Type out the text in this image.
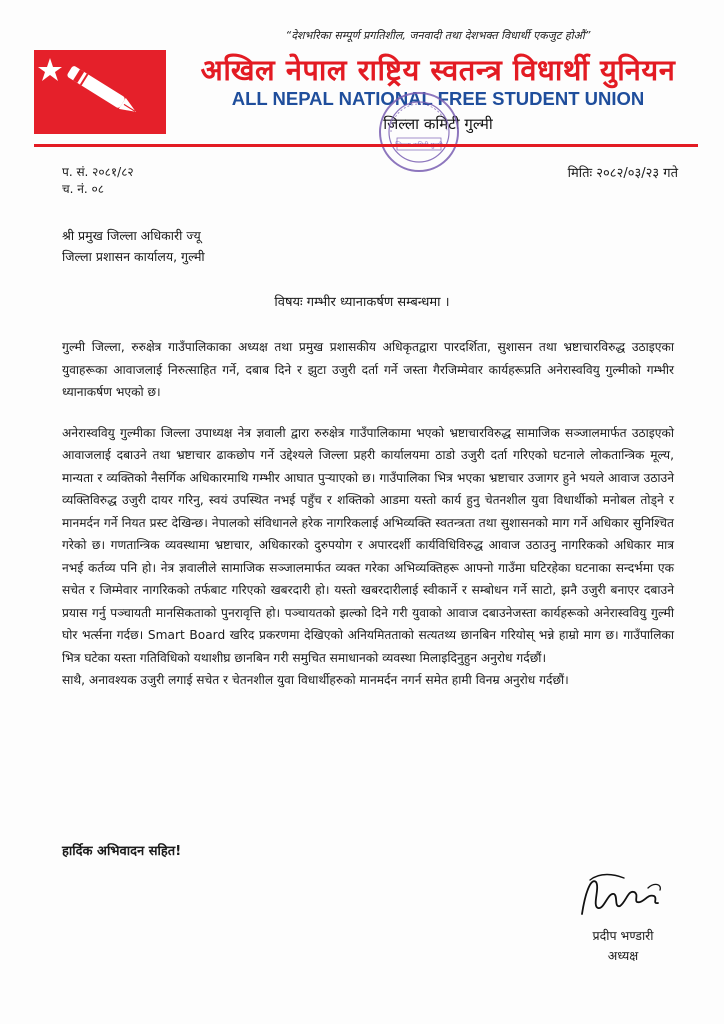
“देशभरिका सम्पूर्ण प्रगतिशील, जनवादी तथा देशभक्त विधार्थी एकजुट होऔं”
अखिल नेपाल राष्ट्रिय स्वतन्त्र विधार्थी युनियन
ALL NEPAL NATIONAL FREE STUDENT UNION
जिल्ला कमिटी गुल्मी
प. सं. २०८१/८२
च. नं. ०८
मितिः २०८२/०३/२३ गते
श्री प्रमुख जिल्ला अधिकारी ज्यू
जिल्ला प्रशासन कार्यालय, गुल्मी
विषयः गम्भीर ध्यानाकर्षण सम्बन्धमा ।

गुल्मी जिल्ला, रुरुक्षेत्र गाउँपालिकाका अध्यक्ष तथा प्रमुख प्रशासकीय अधिकृतद्वारा पारदर्शिता, सुशासन तथा भ्रष्टाचारविरुद्ध उठाइएका युवाहरूका आवाजलाई निरुत्साहित गर्ने, दबाब दिने र झुटा उजुरी दर्ता गर्ने जस्ता गैरजिम्मेवार कार्यहरूप्रति अनेरास्ववियु गुल्मीको गम्भीर ध्यानाकर्षण भएको छ।

अनेरास्ववियु गुल्मीका जिल्ला उपाध्यक्ष नेत्र ज्ञवाली द्वारा रुरुक्षेत्र गाउँपालिकामा भएको भ्रष्टाचारविरुद्ध सामाजिक सञ्जालमार्फत उठाइएको आवाजलाई दबाउने तथा भ्रष्टाचार ढाकछोप गर्ने उद्देश्यले जिल्ला प्रहरी कार्यालयमा ठाडो उजुरी दर्ता गरिएको घटनाले लोकतान्त्रिक मूल्य, मान्यता र व्यक्तिको नैसर्गिक अधिकारमाथि गम्भीर आघात पुर्‍याएको छ। गाउँपालिका भित्र भएका भ्रष्टाचार उजागर हुने भयले आवाज उठाउने व्यक्तिविरुद्ध उजुरी दायर गरिनु, स्वयं उपस्थित नभई पहुँच र शक्तिको आडमा यस्तो कार्य हुनु चेतनशील युवा विधार्थीको मनोबल तोड्ने र मानमर्दन गर्ने नियत प्रस्ट देखिन्छ। नेपालको संविधानले हरेक नागरिकलाई अभिव्यक्ति स्वतन्त्रता तथा सुशासनको माग गर्ने अधिकार सुनिश्चित गरेको छ। गणतान्त्रिक व्यवस्थामा भ्रष्टाचार, अधिकारको दुरुपयोग र अपारदर्शी कार्यविधिविरुद्ध आवाज उठाउनु नागरिकको अधिकार मात्र नभई कर्तव्य पनि हो। नेत्र ज्ञवालीले सामाजिक सञ्जालमार्फत व्यक्त गरेका अभिव्यक्तिहरू आफ्नो गाउँमा घटिरहेका घटनाका सन्दर्भमा एक सचेत र जिम्मेवार नागरिकको तर्फबाट गरिएको खबरदारी हो। यस्तो खबरदारीलाई स्वीकार्ने र सम्बोधन गर्ने साटो, झनै उजुरी बनाएर दबाउने प्रयास गर्नु पञ्चायती मानसिकताको पुनरावृत्ति हो। पञ्चायतको झल्को दिने गरी युवाको आवाज दबाउनेजस्ता कार्यहरूको अनेरास्ववियु गुल्मी घोर भर्त्सना गर्दछ। Smart Board खरिद प्रकरणमा देखिएको अनियमितताको सत्यतथ्य छानबिन गरियोस् भन्ने हाम्रो माग छ। गाउँपालिका भित्र घटेका यस्ता गतिविधिको यथाशीघ्र छानबिन गरी समुचित समाधानको व्यवस्था मिलाइदिनुहुन अनुरोध गर्दछौं।

साथै, अनावश्यक उजुरी लगाई सचेत र चेतनशील युवा विधार्थीहरुको मानमर्दन नगर्न समेत हामी विनम्र अनुरोध गर्दछौं।

हार्दिक अभिवादन सहित!
प्रदीप भण्डारी
अध्यक्ष
